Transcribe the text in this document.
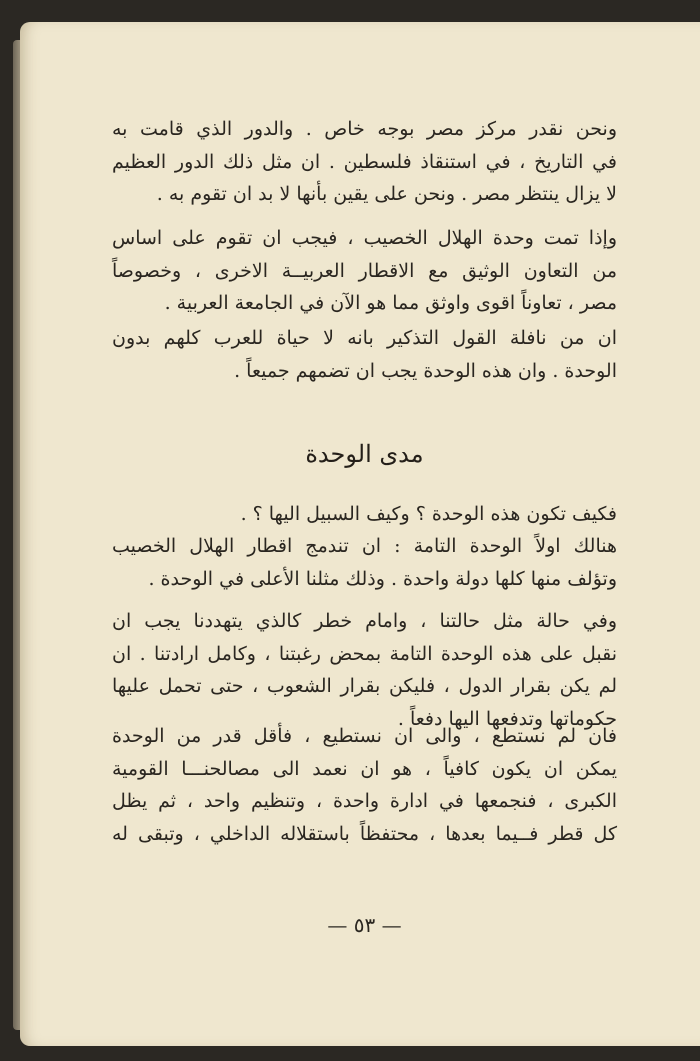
ونحن نقدر مركز مصر بوجه خاص . والدور الذي قامت به

في التاريخ ، في استنقاذ فلسطين . ان مثل ذلك الدور العظيم

لا يزال ينتظر مصر . ونحن على يقين بأنها لا بد ان تقوم به .

وإذا تمت وحدة الهلال الخصيب ، فيجب ان تقوم على اساس

من التعاون الوثيق مع الاقطار العربيــة الاخرى ، وخصوصاً

مصر ، تعاوناً اقوى واوثق مما هو الآن في الجامعة العربية .

ان من نافلة القول التذكير بانه لا حياة للعرب كلهم بدون

الوحدة . وان هذه الوحدة يجب ان تضمهم جميعاً .

مدى الوحدة

فكيف تكون هذه الوحدة ؟ وكيف السبيل اليها ؟ .

هنالك اولاً الوحدة التامة : ان تندمج اقطار الهلال الخصيب

وتؤلف منها كلها دولة واحدة . وذلك مثلنا الأعلى في الوحدة .

وفي حالة مثل حالتنا ، وامام خطر كالذي يتهددنا يجب ان

نقبل على هذه الوحدة التامة بمحض رغبتنا ، وكامل ارادتنا . ان

لم يكن بقرار الدول ، فليكن بقرار الشعوب ، حتى تحمل عليها

حكوماتها وتدفعها اليها دفعاً .

فان لم نستطع ، والى ان نستطيع ، فأقل قدر من الوحدة

يمكن ان يكون كافياً ، هو ان نعمد الى مصالحنـــا القومية

الكبرى ، فنجمعها في ادارة واحدة ، وتنظيم واحد ، ثم يظل

كل قطر فــيما بعدها ، محتفظاً باستقلاله الداخلي ، وتبقى له

— ٥٣ —
